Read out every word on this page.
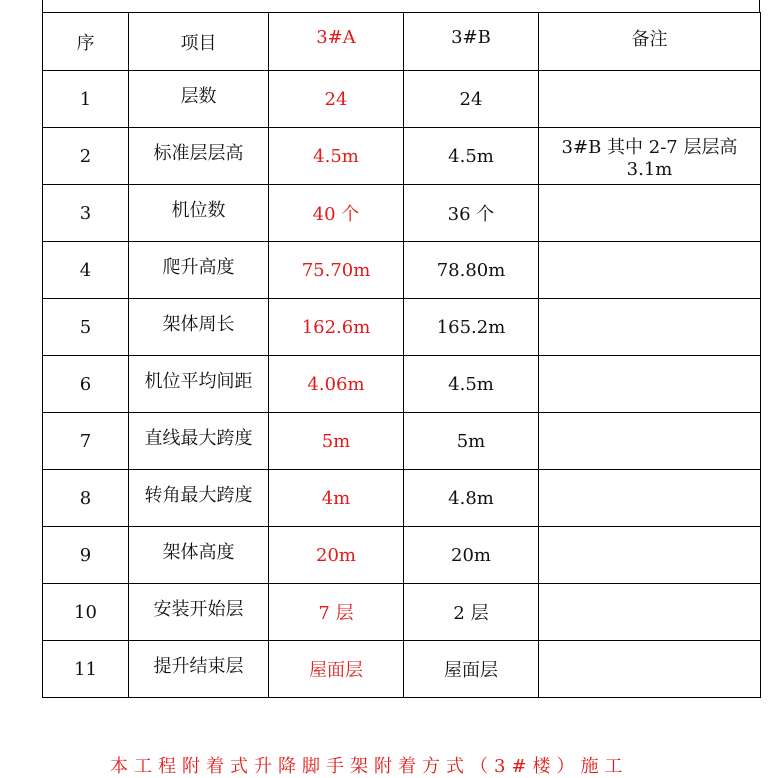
序	项目	3#A	3#B	备注
1	层数	24	24	
2	标准层层高	4.5m	4.5m	3#B 其中 2-7 层层高 3.1m
3	机位数	40 个	36 个	
4	爬升高度	75.70m	78.80m	
5	架体周长	162.6m	165.2m	
6	机位平均间距	4.06m	4.5m	
7	直线最大跨度	5m	5m	
8	转角最大跨度	4m	4.8m	
9	架体高度	20m	20m	
10	安装开始层	7 层	2 层	
11	提升结束层	屋面层	屋面层	
本工程附着式升降脚手架附着方式（3#楼）施工
